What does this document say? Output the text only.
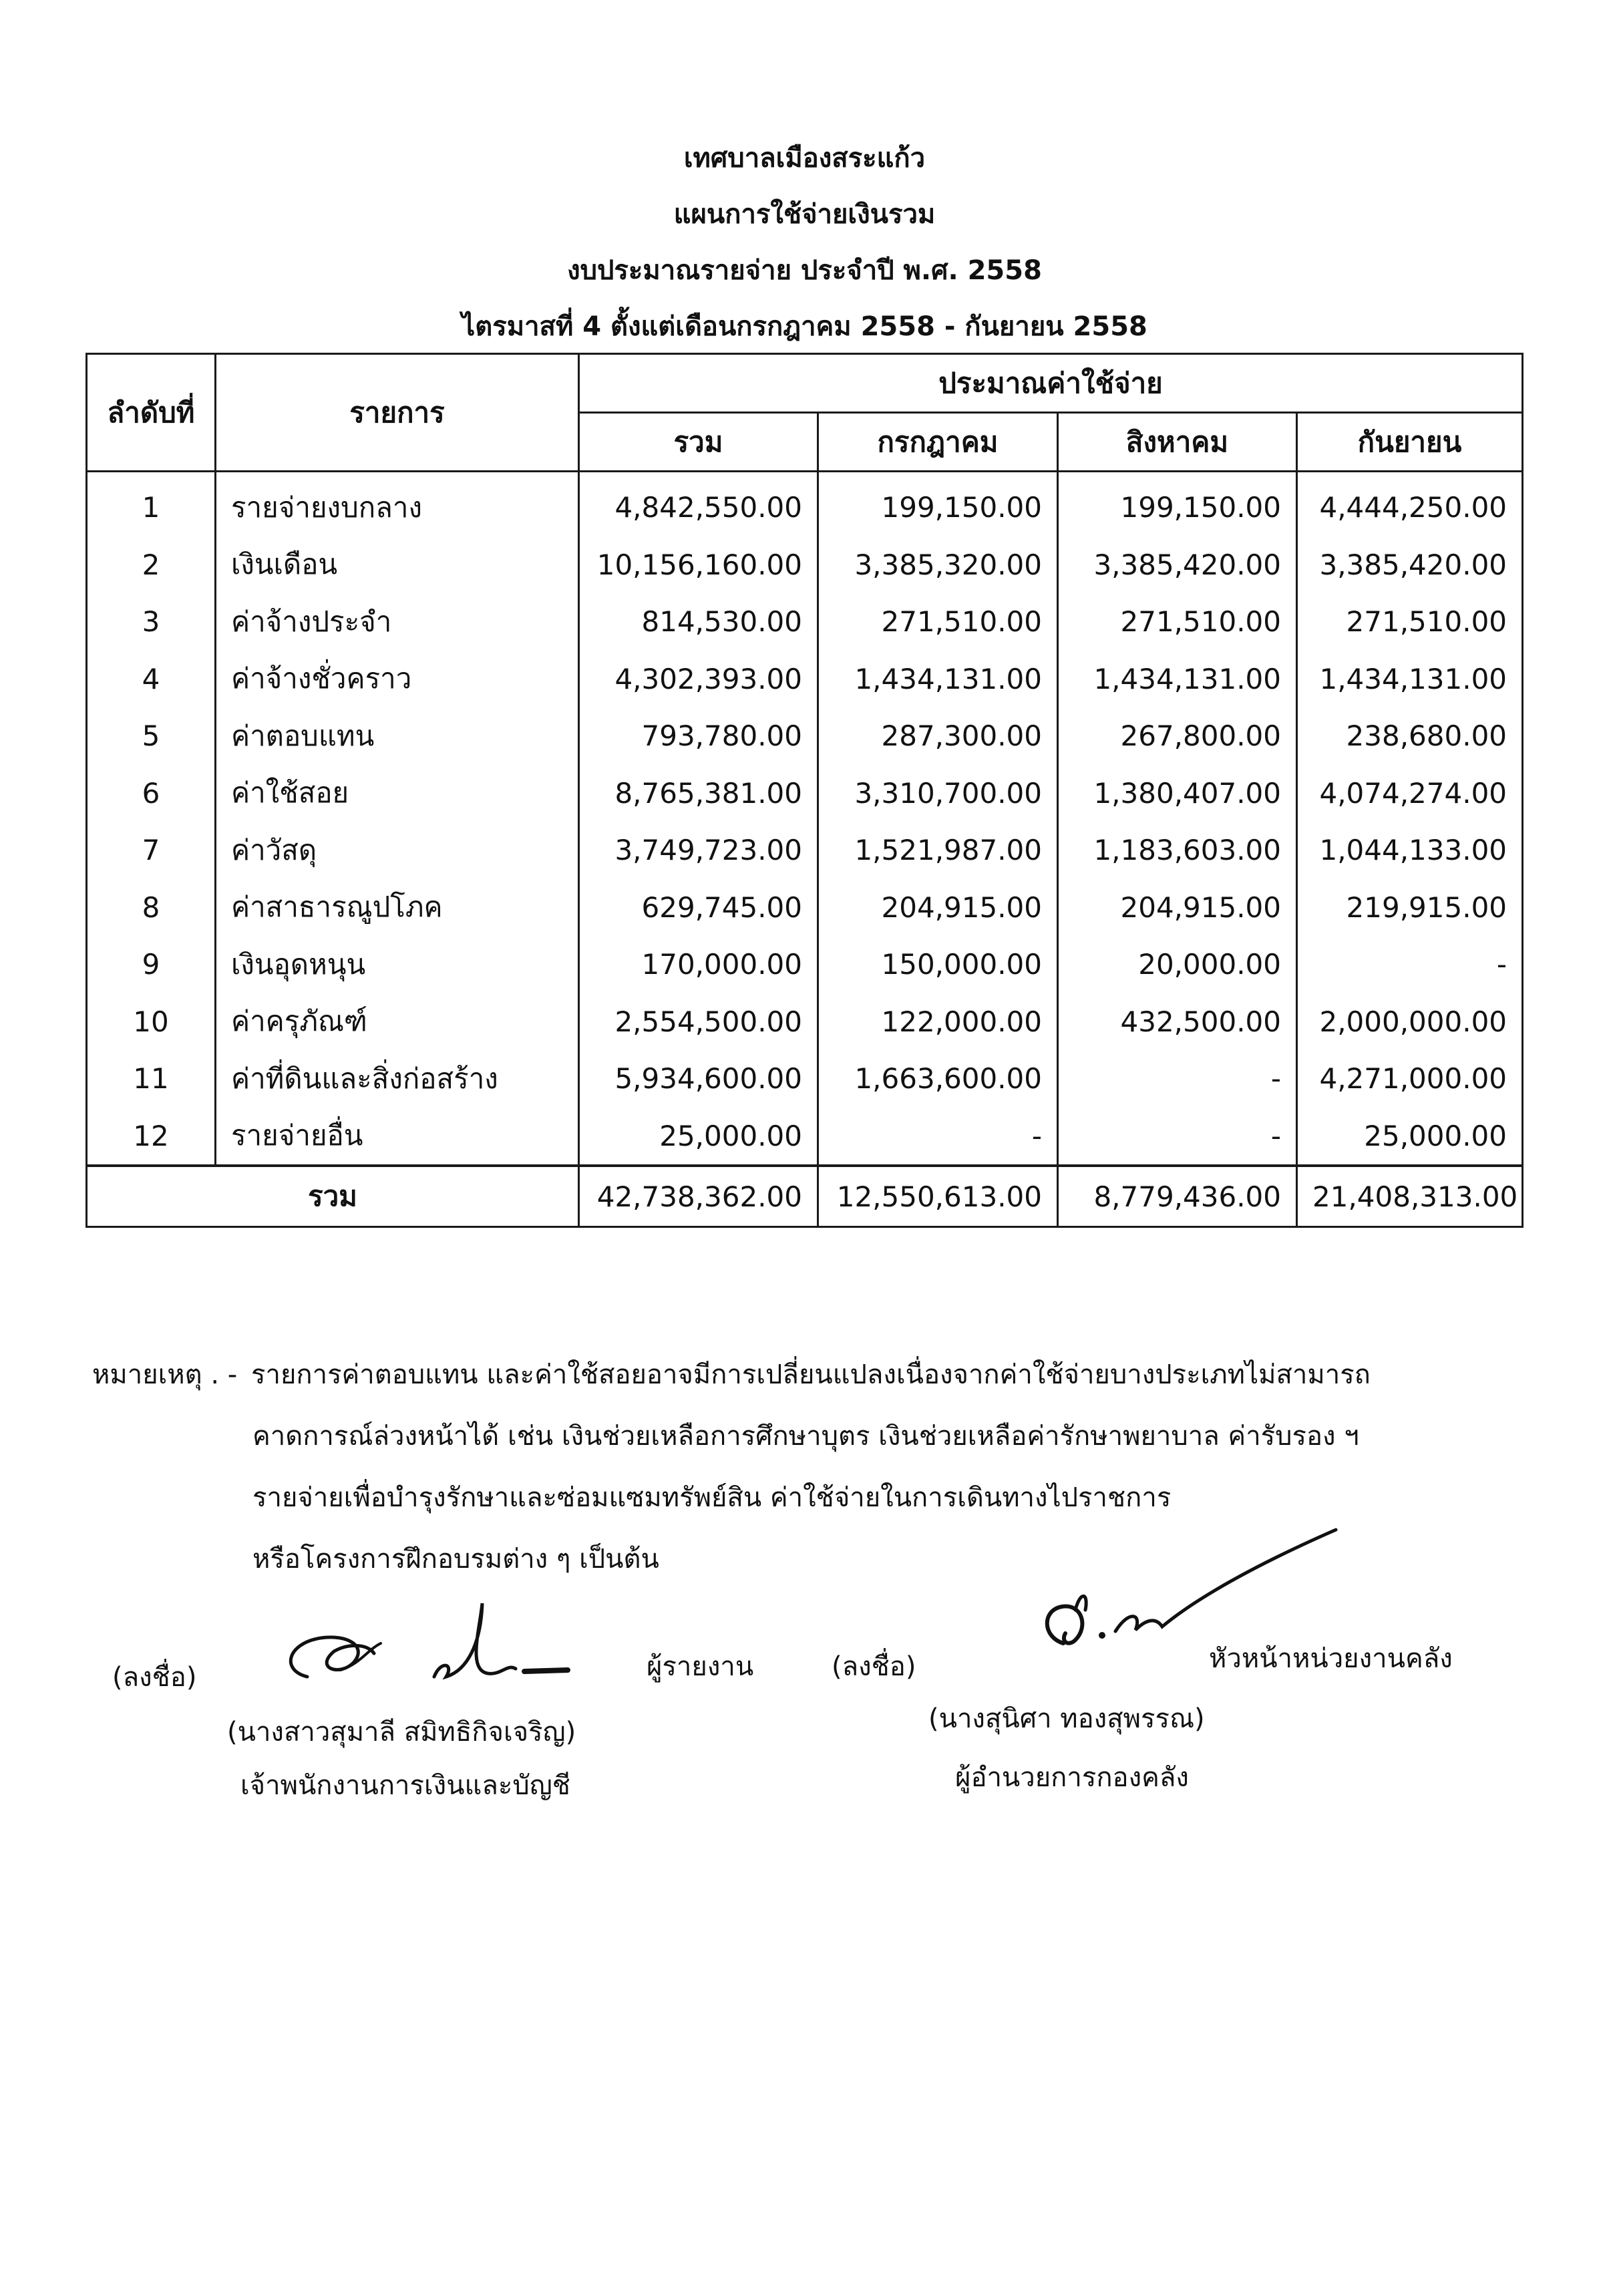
เทศบาลเมืองสระแก้ว
แผนการใช้จ่ายเงินรวม
งบประมาณรายจ่าย ประจำปี พ.ศ. 2558
ไตรมาสที่ 4 ตั้งแต่เดือนกรกฎาคม 2558 - กันยายน 2558
ลำดับที่	รายการ	ประมาณค่าใช้จ่าย			
		รวม	กรกฎาคม	สิงหาคม	กันยายน
1	รายจ่ายงบกลาง	4,842,550.00	199,150.00	199,150.00	4,444,250.00
2	เงินเดือน	10,156,160.00	3,385,320.00	3,385,420.00	3,385,420.00
3	ค่าจ้างประจำ	814,530.00	271,510.00	271,510.00	271,510.00
4	ค่าจ้างชั่วคราว	4,302,393.00	1,434,131.00	1,434,131.00	1,434,131.00
5	ค่าตอบแทน	793,780.00	287,300.00	267,800.00	238,680.00
6	ค่าใช้สอย	8,765,381.00	3,310,700.00	1,380,407.00	4,074,274.00
7	ค่าวัสดุ	3,749,723.00	1,521,987.00	1,183,603.00	1,044,133.00
8	ค่าสาธารณูปโภค	629,745.00	204,915.00	204,915.00	219,915.00
9	เงินอุดหนุน	170,000.00	150,000.00	20,000.00	-
10	ค่าครุภัณฑ์	2,554,500.00	122,000.00	432,500.00	2,000,000.00
11	ค่าที่ดินและสิ่งก่อสร้าง	5,934,600.00	1,663,600.00	-	4,271,000.00
12	รายจ่ายอื่น	25,000.00	-	-	25,000.00
รวม		42,738,362.00	12,550,613.00	8,779,436.00	21,408,313.00
หมายเหตุ . - รายการค่าตอบแทน และค่าใช้สอยอาจมีการเปลี่ยนแปลงเนื่องจากค่าใช้จ่ายบางประเภทไม่สามารถ
คาดการณ์ล่วงหน้าได้ เช่น เงินช่วยเหลือการศึกษาบุตร เงินช่วยเหลือค่ารักษาพยาบาล ค่ารับรอง ฯ
รายจ่ายเพื่อบำรุงรักษาและซ่อมแซมทรัพย์สิน ค่าใช้จ่ายในการเดินทางไปราชการ
หรือโครงการฝึกอบรมต่าง ๆ เป็นต้น
(ลงชื่อ)	ผู้รายงาน
(นางสาวสุมาลี สมิทธิกิจเจริญ)
เจ้าพนักงานการเงินและบัญชี
(ลงชื่อ)	หัวหน้าหน่วยงานคลัง
(นางสุนิศา ทองสุพรรณ)
ผู้อำนวยการกองคลัง
